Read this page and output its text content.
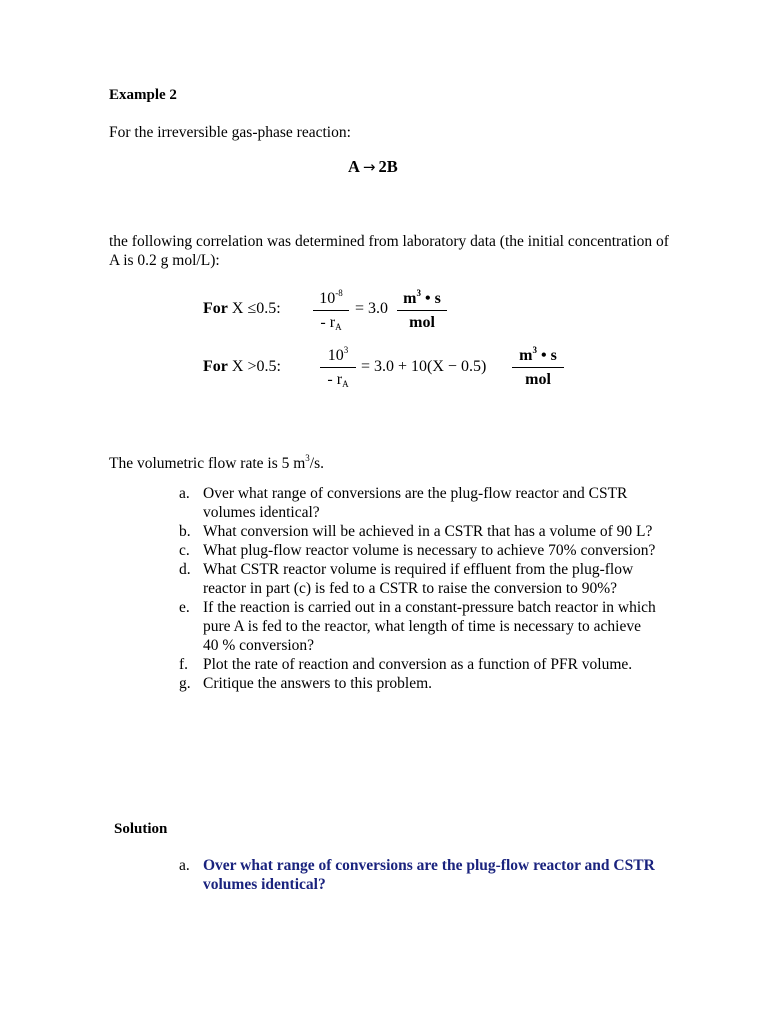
Example 2
For the irreversible gas-phase reaction:
A → 2B
the following correlation was determined from laboratory data (the initial concentration of A is 0.2 g mol/L):
For X ≤0.5:
$10^{-8}$
- $r_A$
= 3.0
$m^3$ • s
mol
For X >0.5:
$10^3$
- $r_A$
= 3.0 + 10(X − 0.5)
$m^3$ • s
mol
The volumetric flow rate is 5 $m^3/s$.
a. Over what range of conversions are the plug-flow reactor and CSTR volumes identical?
b. What conversion will be achieved in a CSTR that has a volume of 90 L?
c. What plug-flow reactor volume is necessary to achieve 70% conversion?
d. What CSTR reactor volume is required if effluent from the plug-flow reactor in part (c) is fed to a CSTR to raise the conversion to 90%?
e. If the reaction is carried out in a constant-pressure batch reactor in which pure A is fed to the reactor, what length of time is necessary to achieve 40 % conversion?
f. Plot the rate of reaction and conversion as a function of PFR volume.
g. Critique the answers to this problem.
Solution
a. Over what range of conversions are the plug-flow reactor and CSTR volumes identical?
